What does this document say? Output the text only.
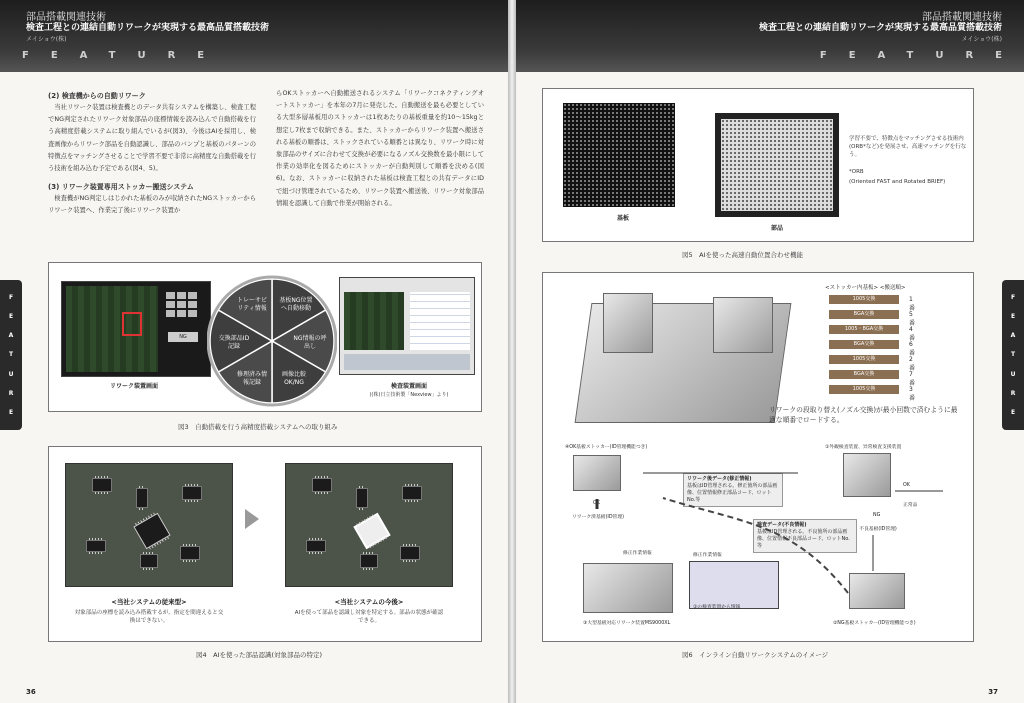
部品搭載関連技術
検査工程との連結自動リワークが実現する最高品質搭載技術
メイショウ(株)
FEATURE
F
E
A
T
U
R
E
(2) 検査機からの自動リワーク

当社リワーク装置は検査機とのデータ共有システムを構築し、検査工程でNG判定されたリワーク対象部品の座標情報を読み込んで自動搭載を行う高精度搭載システムに取り組んでいるが(図3)、今後はAIを採用し、検査画像からリワーク部品を自動認識し、部品のバンプと基板のパターンの特徴点をマッチングさせることで学習不要で非常に高精度な自動搭載を行う技術を組み込む予定である(図4、5)。

(3) リワーク装置専用ストッカー搬送システム

検査機がNG判定しはじかれた基板のみが収納されたNGストッカーからリワーク装置へ、作業完了後にリワーク装置か

らOKストッカーへ自動搬送されるシステム「リワークコネクティングオートストッカー」を本年の7月に発売した。自動搬送を最も必要としている大型多層基板用のストッカーは1枚あたりの基板重量を約10〜15kgと想定し7枚まで収納できる。また、ストッカーからリワーク装置へ搬送される基板の順番は、ストックされている順番とは異なり、リワーク時に対象部品のサイズに合わせて交換が必要になるノズル交換数を最小限にして作業の効率化を図るためにストッカーが自動判別して順番を決める(図6)。なお、ストッカーに収納された基板は検査工程との共有データにIDで紐づけ管理されているため、リワーク装置へ搬送後、リワーク対象部品情報を認識して自動で作業が開始される。

NG
リワーク装置画面
トレーサビリティ情報
基板NG位置へ自動移動
NG情報の呼出し
画像比較OK/NG
修理済み情報記録
交換部品ID記録
検査装置画面
((株)日立技術製「Nexview」より)
図3　自動搭載を行う高精度搭載システムへの取り組み
<当社システムの従来型>
対象部品の座標を読み込み搭載するが、指定を間違えると交換はできない。
<当社システムの今後>
AIを使って部品を認識し対象を特定する。部品の状態が確認できる。
図4　AIを使った部品認識(対象部品の特定)
36
部品搭載関連技術
検査工程との連結自動リワークが実現する最高品質搭載技術
メイショウ(株)
FEATURE
F
E
A
T
U
R
E
基板
部品
学習不要で、特徴点をマッチングさせる技術内(ORB*など)を発展させ、高速マッチングを行なう。
*ORB
(Oriented FAST and Rotated BRIEF)
図5　AIを使った高速自動位置合わせ機能
<ストッカー内基板> <搬送順>
1005交換	1番
BGA交換	5番
1005・BGA交換	4番
BGA交換	6番
1005交換	2番
BGA交換	7番
1005交換	3番
リワークの段取り替え(ノズル交換)が最小回数で済むように最適な順番でロードする。
④OK基板ストッカー(ID管理機能つき)	①外観検査装置、异常検査支援装置
OK
リワーク済基板(ID管理)
リワーク後データ(修正情報)
基板はID管理される。修正箇所の部品画像、位置情報修正部品コード、ロットNo.等
検査データ(不良情報)
基板はID管理される。不良箇所の部品画像、位置情報不良部品コード、ロットNo.等
OK
正常品
NG
不良基板(ID管理)
修正作業情報	修正作業情報
①の検査装置から情報
③大型基板対応リワーク装置MS9000XL	②NG基板ストッカー(ID管理機能つき)
図6　インライン自動リワークシステムのイメージ
37
